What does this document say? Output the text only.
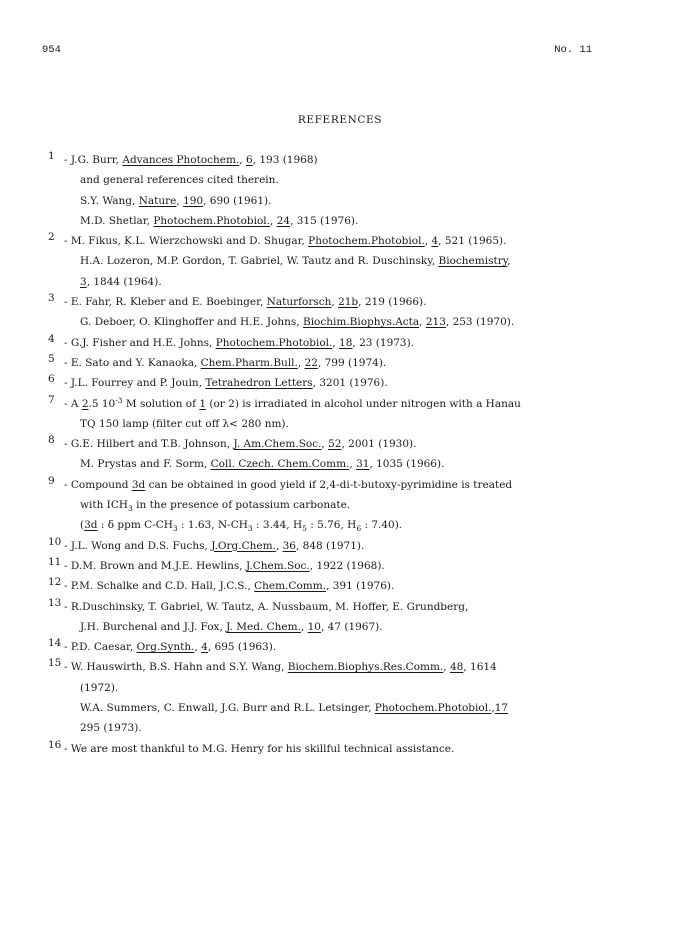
954	No. 11
REFERENCES
1 - J.G. Burr, Advances Photochem., 6, 193 (1968)
and general references cited therein.
S.Y. Wang, Nature, 190, 690 (1961).
M.D. Shetlar, Photochem.Photobiol., 24, 315 (1976).
2 - M. Fikus, K.L. Wierzchowski and D. Shugar, Photochem.Photobiol., 4, 521 (1965).
H.A. Lozeron, M.P. Gordon, T. Gabriel, W. Tautz and R. Duschinsky, Biochemistry,
3, 1844 (1964).
3 - E. Fahr, R. Kleber and E. Boebinger, Naturforsch, 21b, 219 (1966).
G. Deboer, O. Klinghoffer and H.E. Johns, Biochim.Biophys.Acta, 213, 253 (1970).
4 - G.J. Fisher and H.E. Johns, Photochem.Photobiol., 18, 23 (1973).
5 - E. Sato and Y. Kanaoka, Chem.Pharm.Bull., 22, 799 (1974).
6 - J.L. Fourrey and P. Jouin, Tetrahedron Letters, 3201 (1976).
7 - A 2.5 $10^{-3}$ M solution of 1 (or 2) is irradiated in alcohol under nitrogen with a Hanau
TQ 150 lamp (filter cut off λ< 280 nm).
8 - G.E. Hilbert and T.B. Johnson, J. Am.Chem.Soc., 52, 2001 (1930).
M. Prystas and F. Sorm, Coll. Czech. Chem.Comm., 31, 1035 (1966).
9 - Compound 3d can be obtained in good yield if 2,4-di-t-butoxy-pyrimidine is treated
with $ICH_3$ in the presence of potassium carbonate.
(3d : δ ppm $C-CH_3$ : 1.63, $N-CH_3$ : 3.44, $H_5$ : 5.76, $H_6$ : 7.40).
10 - J.L. Wong and D.S. Fuchs, J.Org.Chem., 36, 848 (1971).
11 - D.M. Brown and M.J.E. Hewlins, J.Chem.Soc., 1922 (1968).
12 - P.M. Schalke and C.D. Hall, J.C.S., Chem.Comm., 391 (1976).
13 - R.Duschinsky, T. Gabriel, W. Tautz, A. Nussbaum, M. Hoffer, E. Grundberg,
J.H. Burchenal and J.J. Fox, J. Med. Chem., 10, 47 (1967).
14 - P.D. Caesar, Org.Synth., 4, 695 (1963).
15 - W. Hauswirth, B.S. Hahn and S.Y. Wang, Biochem.Biophys.Res.Comm., 48, 1614
(1972).
W.A. Summers, C. Enwall, J.G. Burr and R.L. Letsinger, Photochem.Photobiol.,17
295 (1973).
16 - We are most thankful to M.G. Henry for his skillful technical assistance.
